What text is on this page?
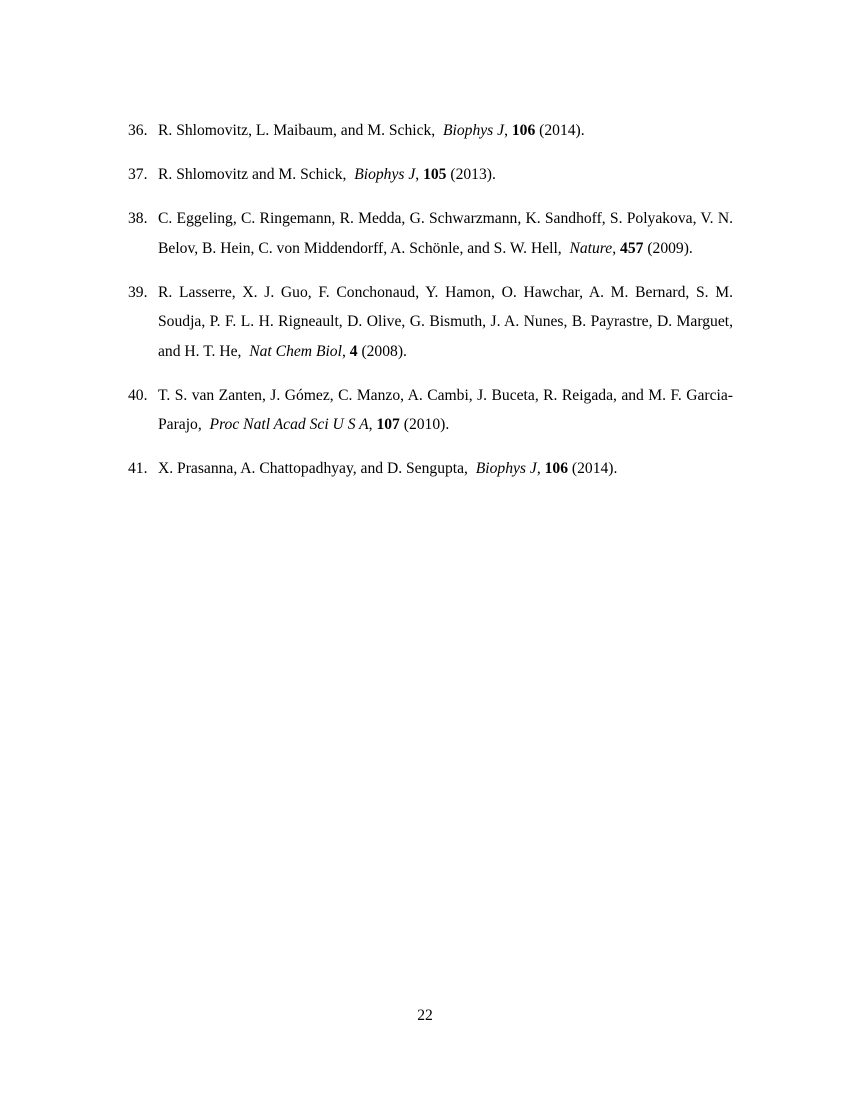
36. R. Shlomovitz, L. Maibaum, and M. Schick, Biophys J, 106 (2014).
37. R. Shlomovitz and M. Schick, Biophys J, 105 (2013).
38. C. Eggeling, C. Ringemann, R. Medda, G. Schwarzmann, K. Sandhoff, S. Polyakova, V. N. Belov, B. Hein, C. von Middendorff, A. Schönle, and S. W. Hell, Nature, 457 (2009).
39. R. Lasserre, X. J. Guo, F. Conchonaud, Y. Hamon, O. Hawchar, A. M. Bernard, S. M. Soudja, P. F. L. H. Rigneault, D. Olive, G. Bismuth, J. A. Nunes, B. Payrastre, D. Marguet, and H. T. He, Nat Chem Biol, 4 (2008).
40. T. S. van Zanten, J. Gómez, C. Manzo, A. Cambi, J. Buceta, R. Reigada, and M. F. Garcia-Parajo, Proc Natl Acad Sci U S A, 107 (2010).
41. X. Prasanna, A. Chattopadhyay, and D. Sengupta, Biophys J, 106 (2014).
22
